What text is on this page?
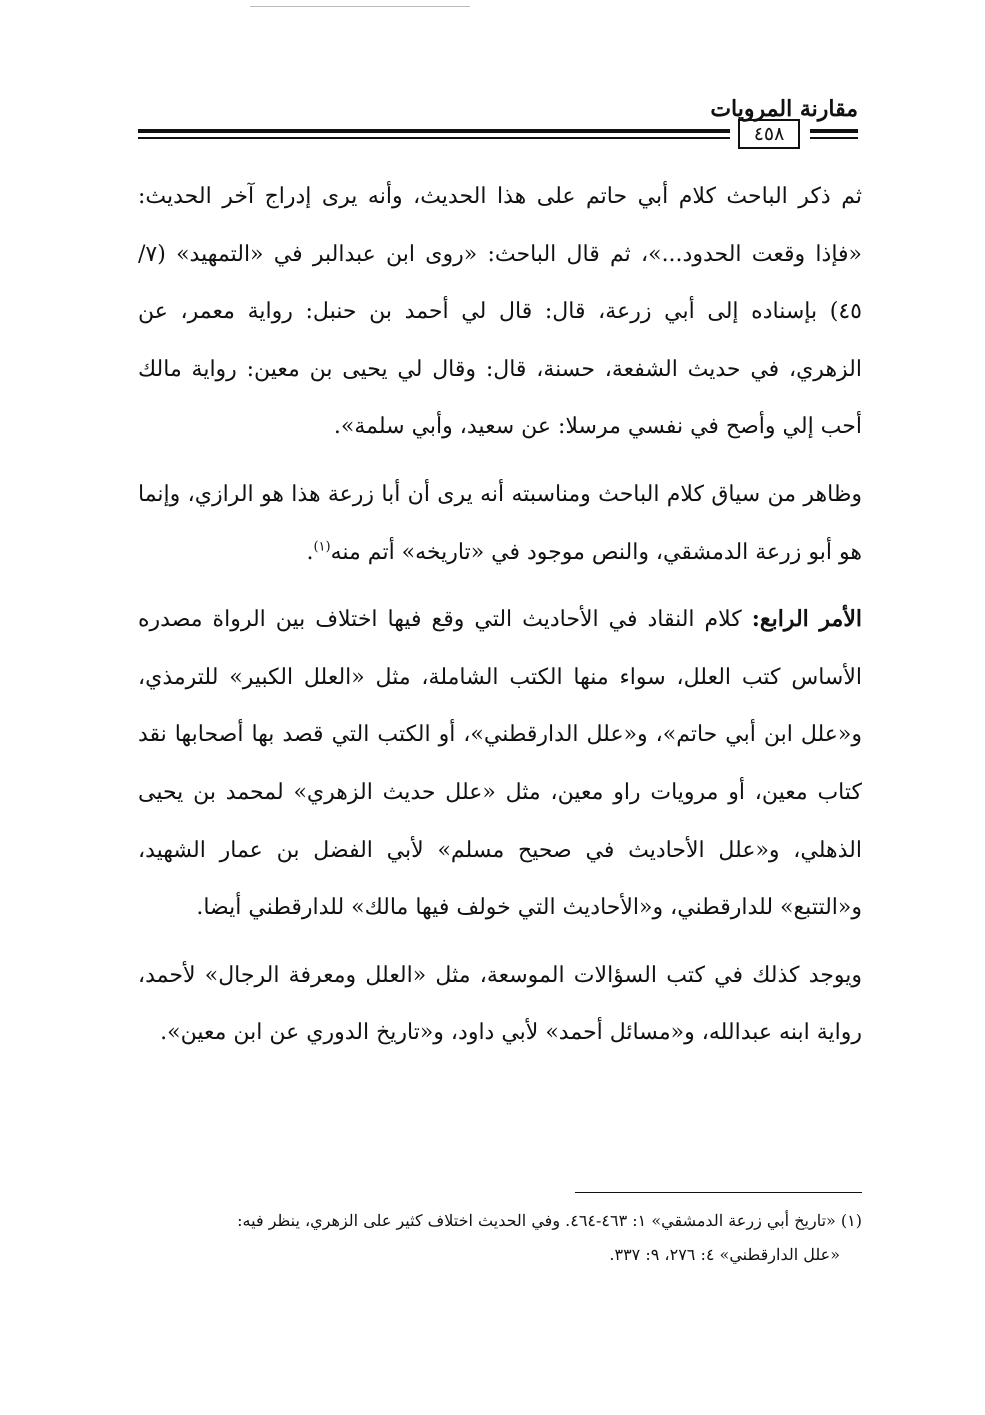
مقارنة المرويات
٤٥٨

ثم ذكر الباحث كلام أبي حاتم على هذا الحديث، وأنه يرى إدراج آخر الحديث: «فإذا وقعت الحدود...»، ثم قال الباحث: «روى ابن عبدالبر في «التمهيد» (٧/ ٤٥) بإسناده إلى أبي زرعة، قال: قال لي أحمد بن حنبل: رواية معمر، عن الزهري، في حديث الشفعة، حسنة، قال: وقال لي يحيى بن معين: رواية مالك أحب إلي وأصح في نفسي مرسلا: عن سعيد، وأبي سلمة».

وظاهر من سياق كلام الباحث ومناسبته أنه يرى أن أبا زرعة هذا هو الرازي، وإنما هو أبو زرعة الدمشقي، والنص موجود في «تاريخه» أتم منه$^{(١)}$.

الأمر الرابع: كلام النقاد في الأحاديث التي وقع فيها اختلاف بين الرواة مصدره الأساس كتب العلل، سواء منها الكتب الشاملة، مثل «العلل الكبير» للترمذي، و«علل ابن أبي حاتم»، و«علل الدارقطني»، أو الكتب التي قصد بها أصحابها نقد كتاب معين، أو مرويات راو معين، مثل «علل حديث الزهري» لمحمد بن يحيى الذهلي، و«علل الأحاديث في صحيح مسلم» لأبي الفضل بن عمار الشهيد، و«التتبع» للدارقطني، و«الأحاديث التي خولف فيها مالك» للدارقطني أيضا.

ويوجد كذلك في كتب السؤالات الموسعة، مثل «العلل ومعرفة الرجال» لأحمد، رواية ابنه عبدالله، و«مسائل أحمد» لأبي داود، و«تاريخ الدوري عن ابن معين».

(١) «تاريخ أبي زرعة الدمشقي» ١: ٤٦٣-٤٦٤. وفي الحديث اختلاف كثير على الزهري، ينظر فيه:

«علل الدارقطني» ٤: ٢٧٦، ٩: ٣٣٧.
